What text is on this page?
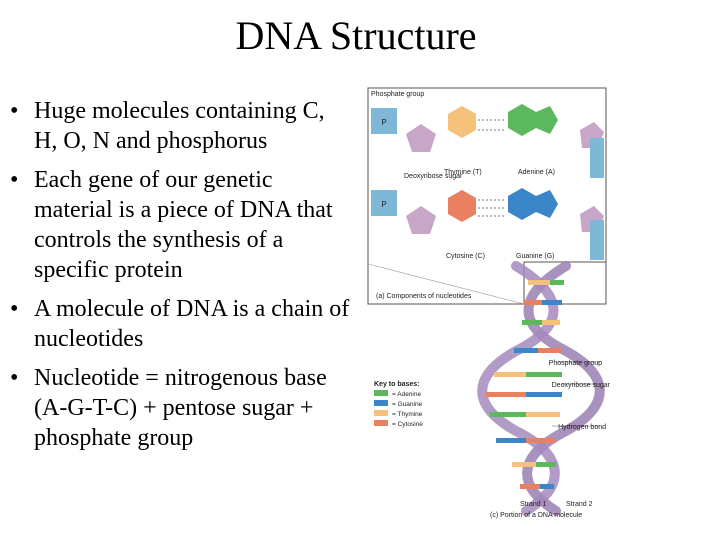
DNA Structure
• Huge molecules containing C, H, O, N and phosphorus
• Each gene of our genetic material is a piece of DNA that controls the synthesis of a specific protein
• A molecule of DNA is a chain of nucleotides
• Nucleotide = nitrogenous base (A-G-T-C) + pentose sugar + phosphate group
P
P
Phosphate group
Deoxyribose sugar
Thymine (T)	Adenine (A)
Cytosine (C)	Guanine (G)
(a) Components of nucleotides
Key to bases:
= Adenine
= Guanine
= Thymine
= Cytosine
Phosphate group
Deoxyribose sugar
Hydrogen bond
Strand 1	Strand 2
(c) Portion of a DNA molecule
